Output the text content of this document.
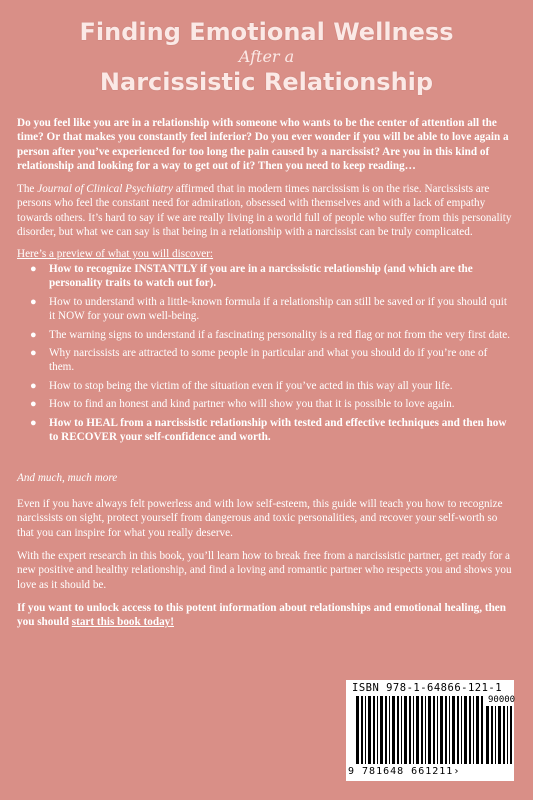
Finding Emotional Wellness
After a
Narcissistic Relationship
Do you feel like you are in a relationship with someone who wants to be the center of attention all the time? Or that makes you constantly feel inferior? Do you ever wonder if you will be able to love again a person after you’ve experienced for too long the pain caused by a narcissist? Are you in this kind of relationship and looking for a way to get out of it? Then you need to keep reading…
The Journal of Clinical Psychiatry affirmed that in modern times narcissism is on the rise. Narcissists are persons who feel the constant need for admiration, obsessed with themselves and with a lack of empathy towards others. It’s hard to say if we are really living in a world full of people who suffer from this personality disorder, but what we can say is that being in a relationship with a narcissist can be truly complicated.
Here’s a preview of what you will discover:
● How to recognize INSTANTLY if you are in a narcissistic relationship (and which are the personality traits to watch out for).
● How to understand with a little-known formula if a relationship can still be saved or if you should quit it NOW for your own well-being.
● The warning signs to understand if a fascinating personality is a red flag or not from the very first date.
● Why narcissists are attracted to some people in particular and what you should do if you’re one of them.
● How to stop being the victim of the situation even if you’ve acted in this way all your life.
● How to find an honest and kind partner who will show you that it is possible to love again.
● How to HEAL from a narcissistic relationship with tested and effective techniques and then how to RECOVER your self-confidence and worth.
And much, much more
Even if you have always felt powerless and with low self-esteem, this guide will teach you how to recognize narcissists on sight, protect yourself from dangerous and toxic personalities, and recover your self-worth so that you can inspire for what you really deserve.
With the expert research in this book, you’ll learn how to break free from a narcissistic partner, get ready for a new positive and healthy relationship, and find a loving and romantic partner who respects you and shows you love as it should be.
If you want to unlock access to this potent information about relationships and emotional healing, then you should start this book today!
ISBN 978-1-64866-121-1
90000
9 781648 661211›
